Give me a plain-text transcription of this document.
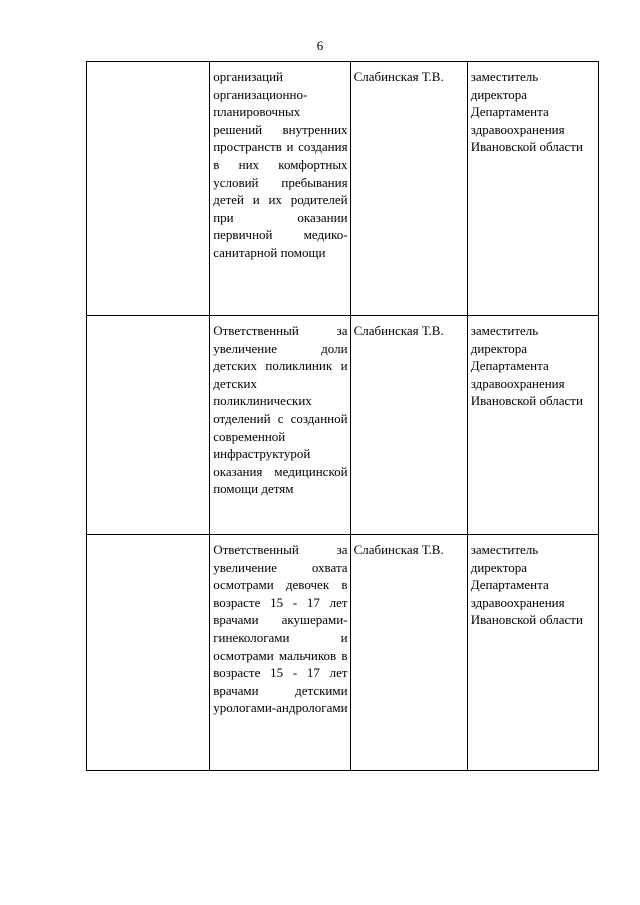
6

	организаций организационно-планировочных решений внутренних пространств и создания в них комфортных условий пребывания детей и их родителей при оказании первичной медико-санитарной помощи	Слабинская Т.В.	заместитель директора Департамента здравоохранения Ивановской области

	Ответственный за увеличение доли детских поликлиник и детских поликлинических отделений с созданной современной инфраструктурой оказания медицинской помощи детям	Слабинская Т.В.	заместитель директора Департамента здравоохранения Ивановской области

	Ответственный за увеличение охвата осмотрами девочек в возрасте 15 - 17 лет врачами акушерами-гинекологами и осмотрами мальчиков в возрасте 15 - 17 лет врачами детскими урологами-андрологами	Слабинская Т.В.	заместитель директора Департамента здравоохранения Ивановской области
